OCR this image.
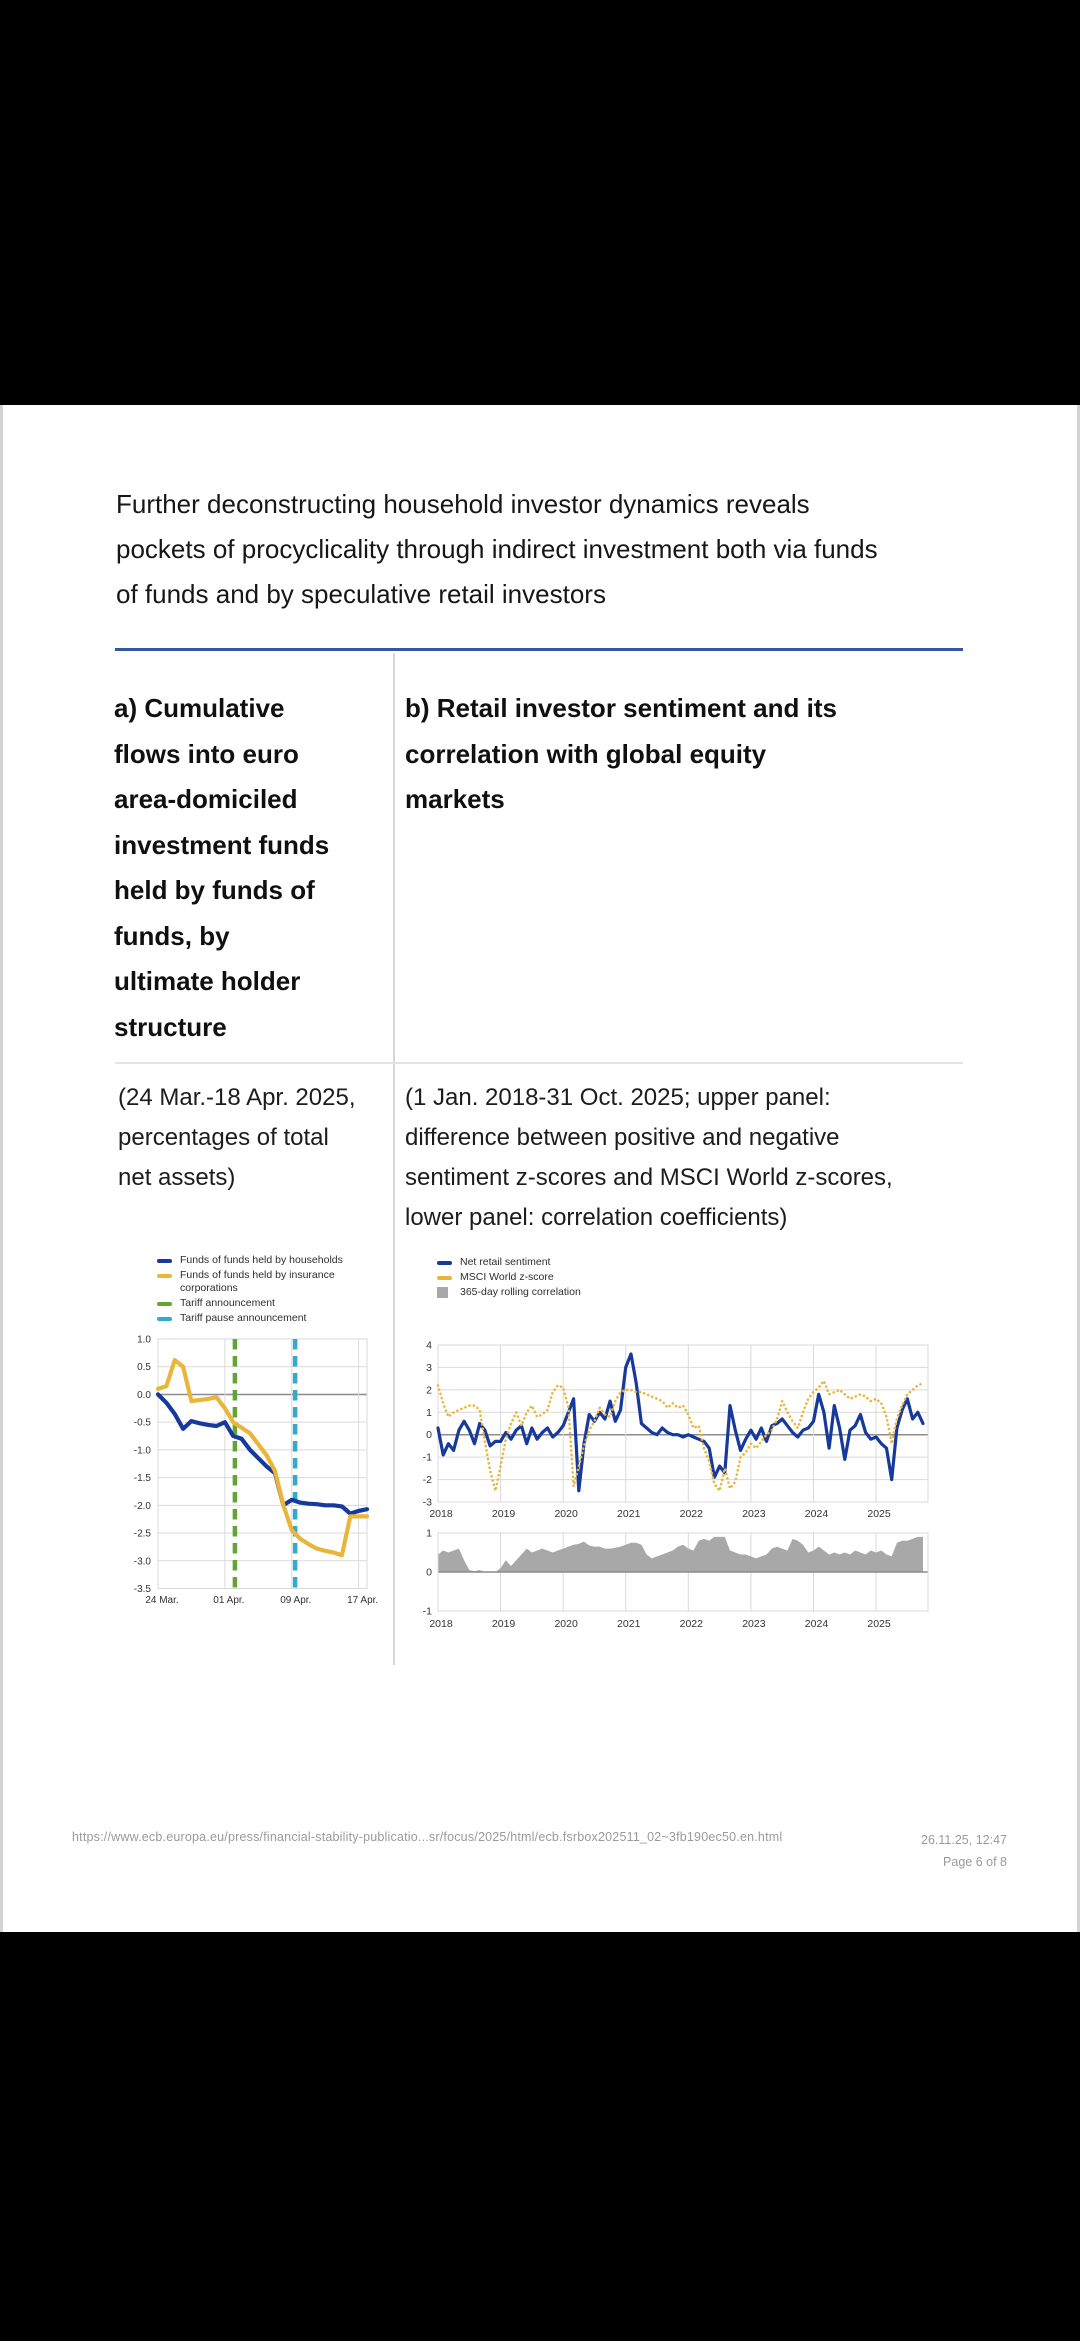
Further deconstructing household investor dynamics reveals
pockets of procyclicality through indirect investment both via funds
of funds and by speculative retail investors
a) Cumulative
flows into euro
area-domiciled
investment funds
held by funds of
funds, by
ultimate holder
structure
b) Retail investor sentiment and its
correlation with global equity
markets
(24 Mar.-18 Apr. 2025,
percentages of total
net assets)
(1 Jan. 2018-31 Oct. 2025; upper panel:
difference between positive and negative
sentiment z-scores and MSCI World z-scores,
lower panel: correlation coefficients)
Funds of funds held by households
Funds of funds held by insurance corporations
Tariff announcement
Tariff pause announcement
Net retail sentiment
MSCI World z-score
365-day rolling correlation
1.0
0.5
0.0
-0.5
-1.0
-1.5
-2.0
-2.5
-3.0
-3.5
24 Mar.	01 Apr.	09 Apr.	17 Apr.
4
3
2
1
0
-1
-2
-3
2018	2019	2020	2021	2022	2023	2024	2025
1
0
-1
2018	2019	2020	2021	2022	2023	2024	2025
https://www.ecb.europa.eu/press/financial-stability-publicatio...sr/focus/2025/html/ecb.fsrbox202511_02~3fb190ec50.en.html	26.11.25, 12:47
Page 6 of 8
